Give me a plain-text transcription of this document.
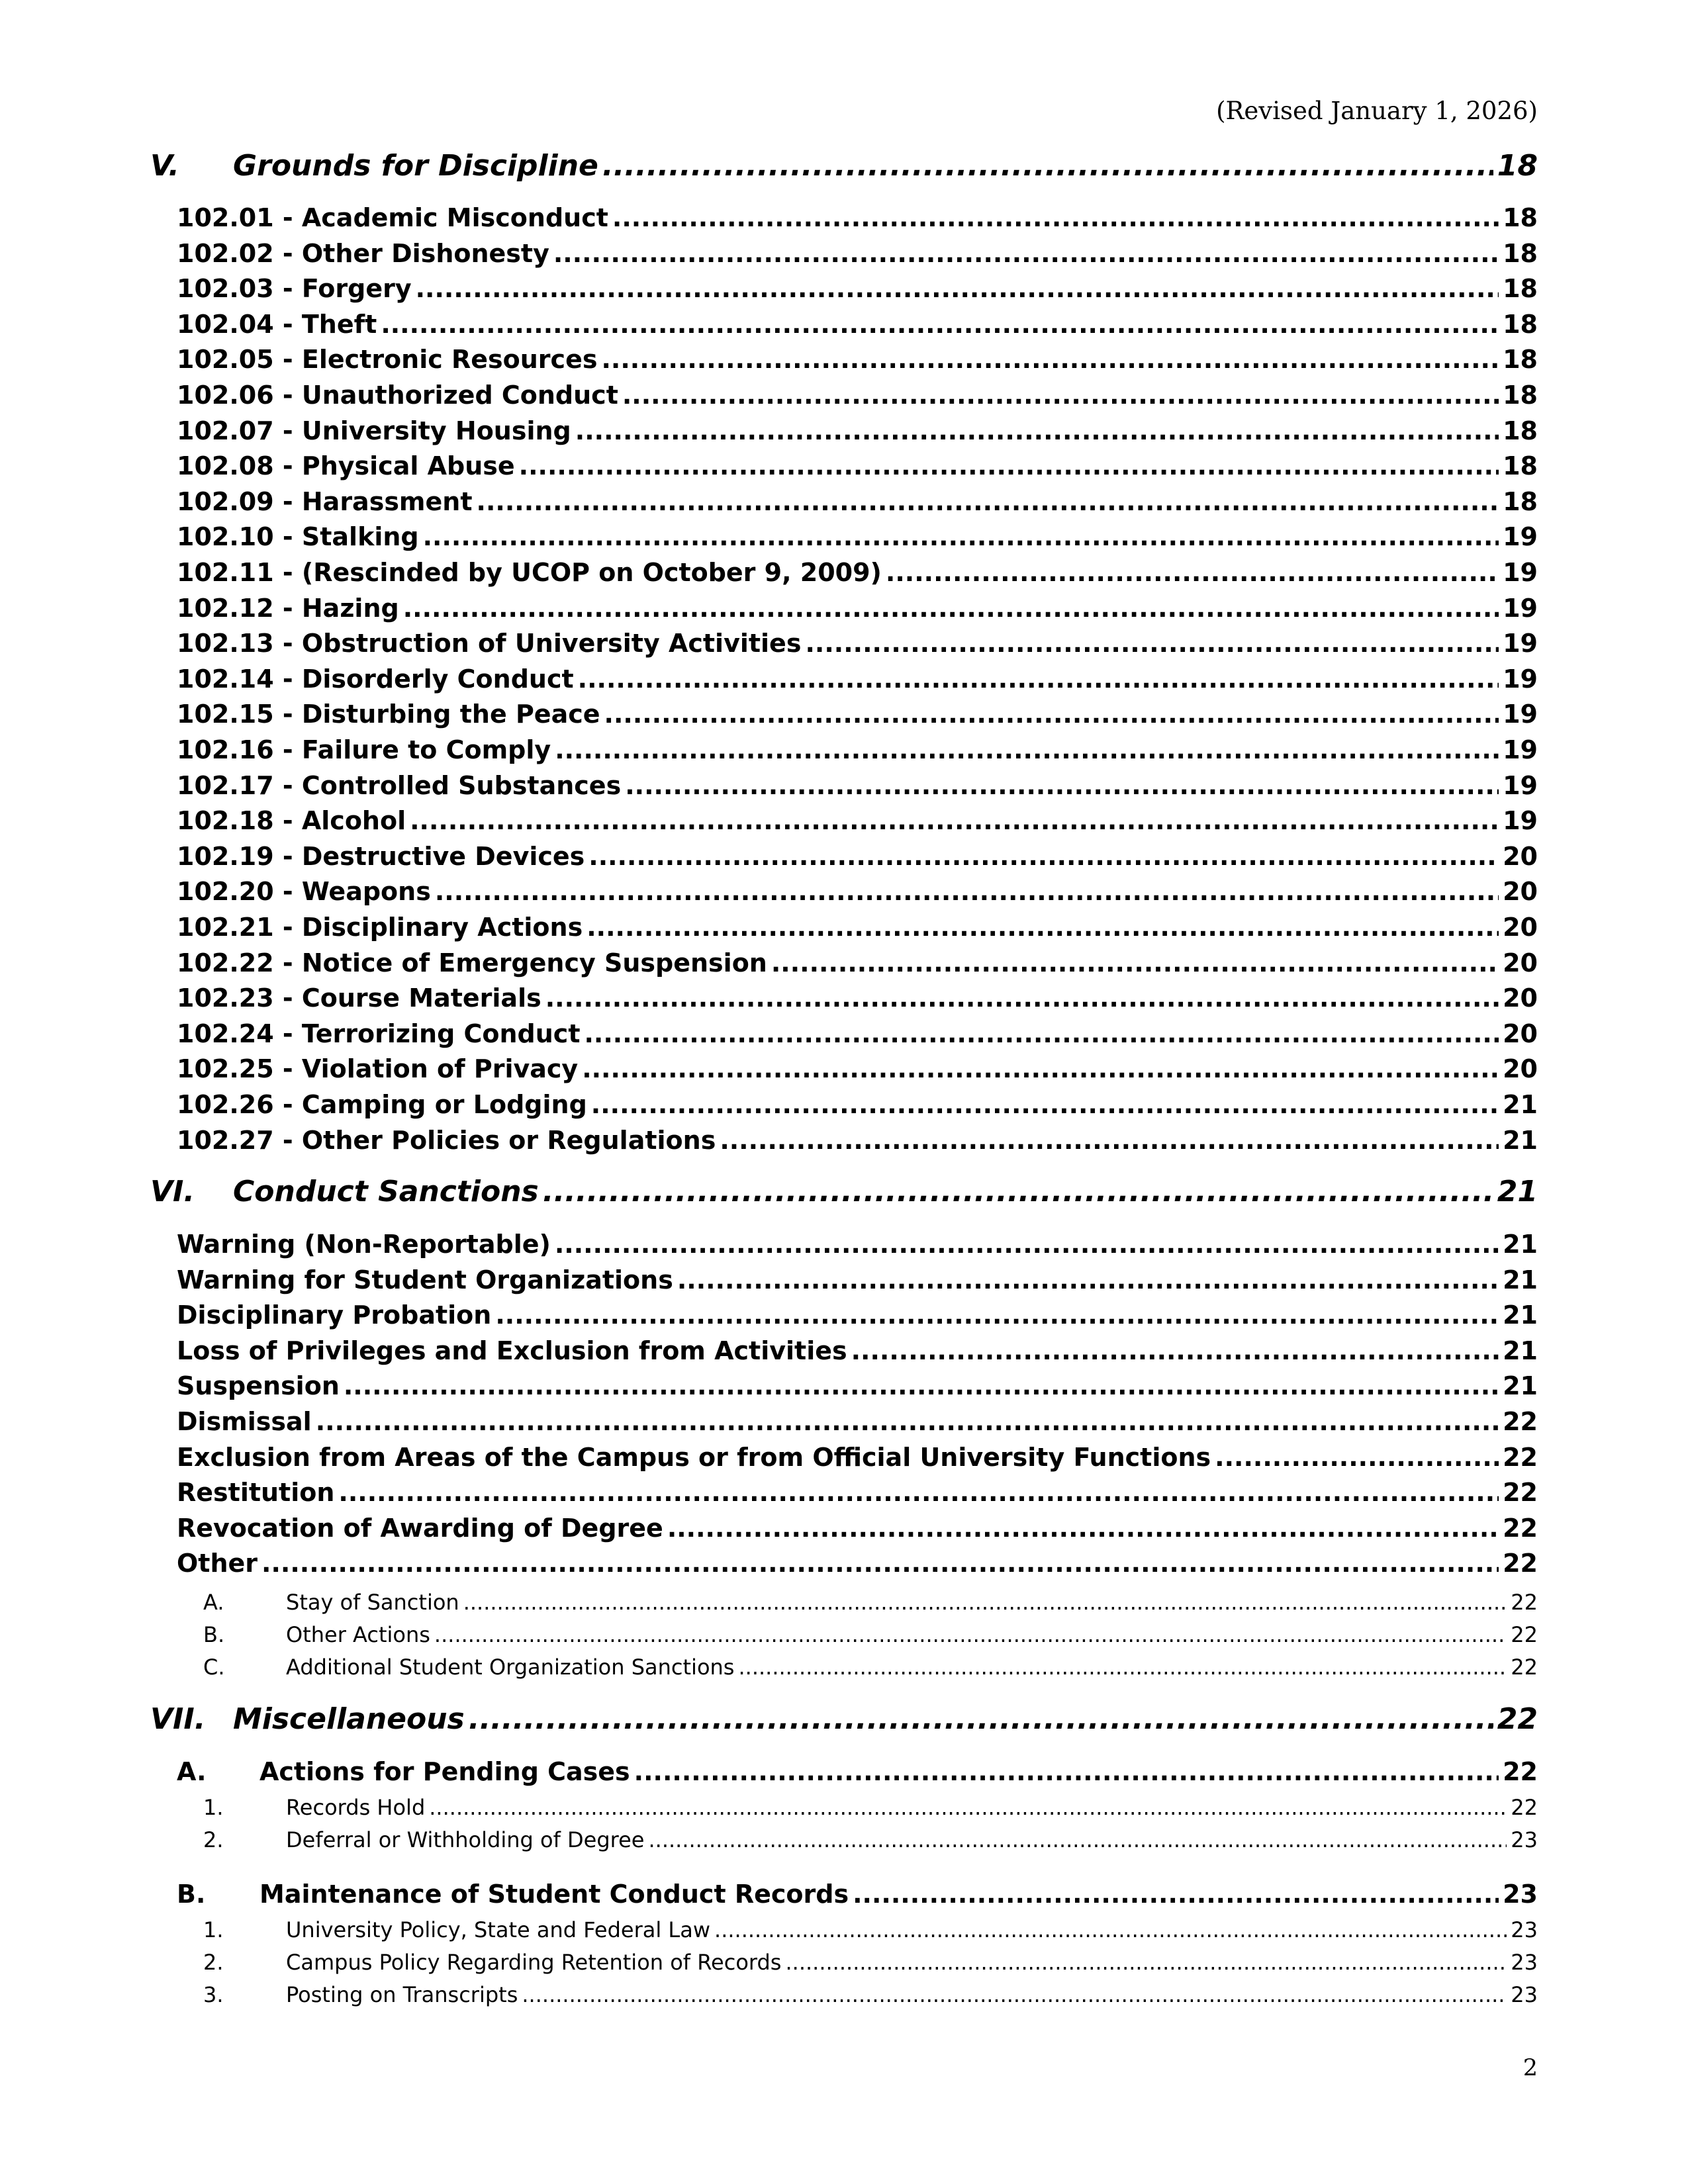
(Revised January 1, 2026)
V.	Grounds for Discipline .....	18
102.01 - Academic Misconduct .....	18
102.02 - Other Dishonesty .....	18
102.03 - Forgery .....	18
102.04 - Theft .....	18
102.05 - Electronic Resources .....	18
102.06 - Unauthorized Conduct .....	18
102.07 - University Housing .....	18
102.08 - Physical Abuse .....	18
102.09 - Harassment .....	18
102.10 - Stalking .....	19
102.11 - (Rescinded by UCOP on October 9, 2009) .....	19
102.12 - Hazing .....	19
102.13 - Obstruction of University Activities .....	19
102.14 - Disorderly Conduct .....	19
102.15 - Disturbing the Peace .....	19
102.16 - Failure to Comply .....	19
102.17 - Controlled Substances .....	19
102.18 - Alcohol .....	19
102.19 - Destructive Devices .....	20
102.20 - Weapons .....	20
102.21 - Disciplinary Actions .....	20
102.22 - Notice of Emergency Suspension .....	20
102.23 - Course Materials .....	20
102.24 - Terrorizing Conduct .....	20
102.25 - Violation of Privacy .....	20
102.26 - Camping or Lodging .....	21
102.27 - Other Policies or Regulations .....	21
VI.	Conduct Sanctions .....	21
Warning (Non-Reportable) .....	21
Warning for Student Organizations .....	21
Disciplinary Probation .....	21
Loss of Privileges and Exclusion from Activities .....	21
Suspension .....	21
Dismissal .....	22
Exclusion from Areas of the Campus or from Official University Functions .....	22
Restitution .....	22
Revocation of Awarding of Degree .....	22
Other .....	22
A.	Stay of Sanction .....	22
B.	Other Actions .....	22
C.	Additional Student Organization Sanctions .....	22
VII. Miscellaneous .....	22
A.	Actions for Pending Cases .....	22
1.	Records Hold .....	22
2.	Deferral or Withholding of Degree .....	23
B.	Maintenance of Student Conduct Records .....	23
1.	University Policy, State and Federal Law .....	23
2.	Campus Policy Regarding Retention of Records .....	23
3.	Posting on Transcripts .....	23
2
